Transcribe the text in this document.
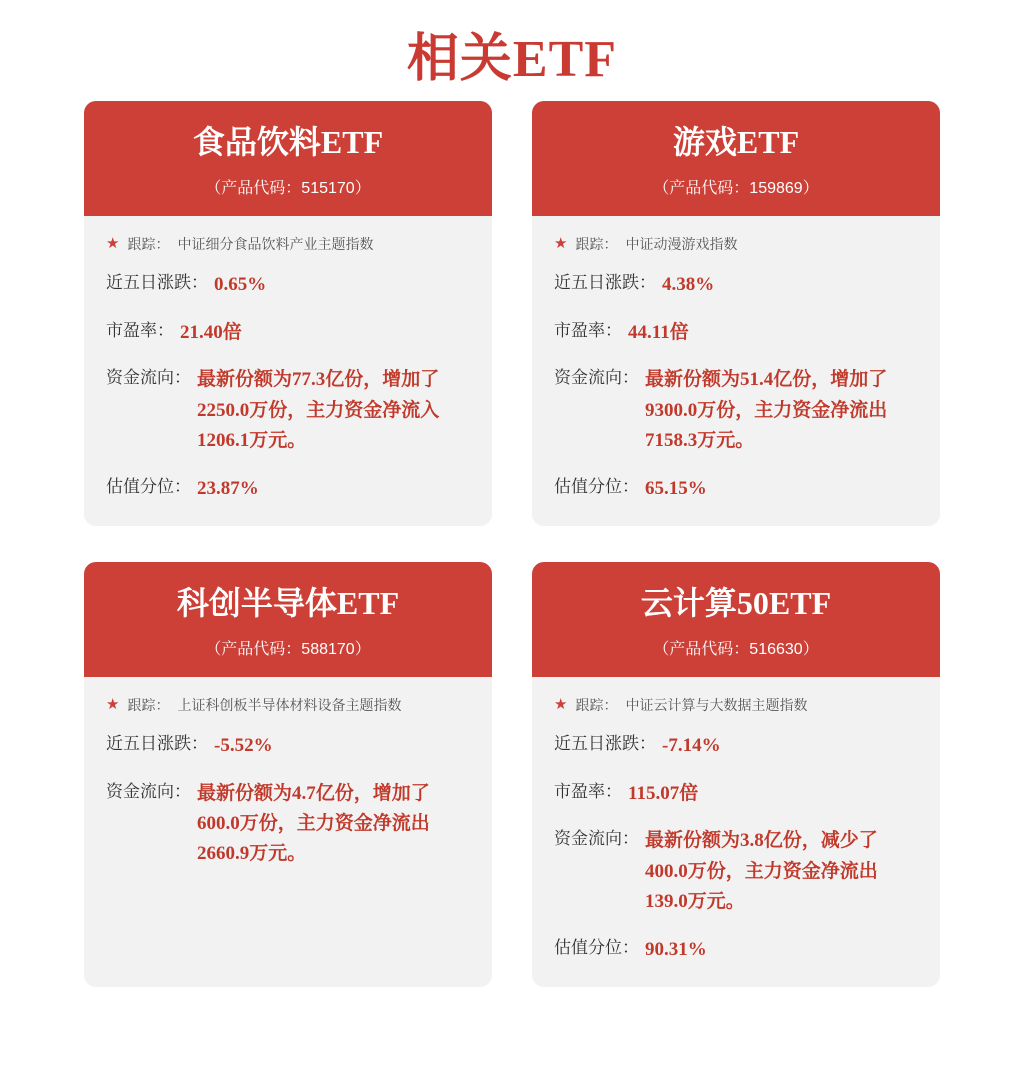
相关ETF
食品饮料ETF
（产品代码：515170）
★ 跟踪： 中证细分食品饮料产业主题指数
近五日涨跌： 0.65%
市盈率： 21.40倍
资金流向： 最新份额为77.3亿份，增加了2250.0万份，主力资金净流入1206.1万元。
估值分位： 23.87%
游戏ETF
（产品代码：159869）
★ 跟踪： 中证动漫游戏指数
近五日涨跌： 4.38%
市盈率： 44.11倍
资金流向： 最新份额为51.4亿份，增加了9300.0万份，主力资金净流出7158.3万元。
估值分位： 65.15%
科创半导体ETF
（产品代码：588170）
★ 跟踪： 上证科创板半导体材料设备主题指数
近五日涨跌： -5.52%
资金流向： 最新份额为4.7亿份，增加了600.0万份，主力资金净流出2660.9万元。
云计算50ETF
（产品代码：516630）
★ 跟踪： 中证云计算与大数据主题指数
近五日涨跌： -7.14%
市盈率： 115.07倍
资金流向： 最新份额为3.8亿份，减少了400.0万份，主力资金净流出139.0万元。
估值分位： 90.31%
